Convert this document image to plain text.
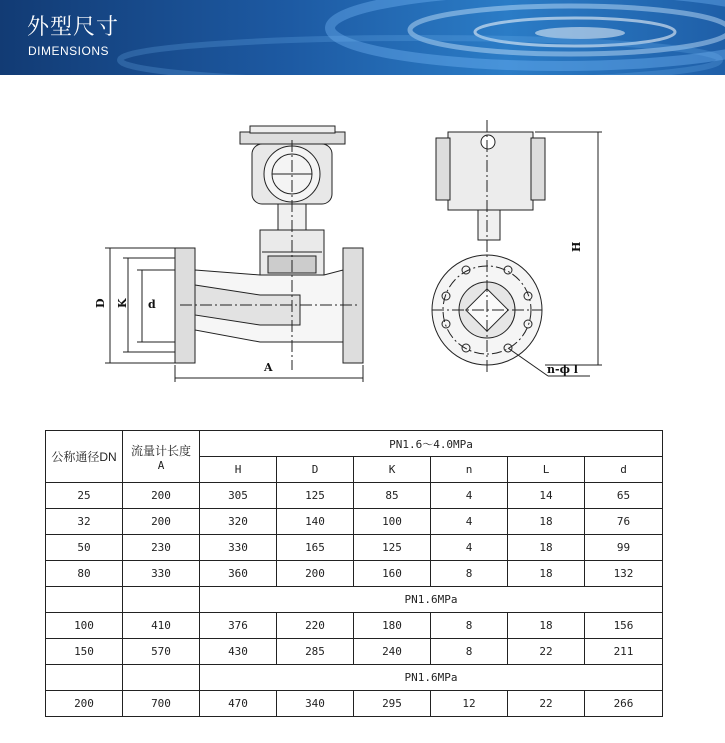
外型尺寸
DIMENSIONS
D K d
A
H
n-ϕ l
公称通径DN	流量计长度
A	PN1.6～4.0MPa					
		H	D	K	n	L	d
25	200	305	125	85	4	14	65
32	200	320	140	100	4	18	76
50	230	330	165	125	4	18	99
80	330	360	200	160	8	18	132
		PN1.6MPa					
100	410	376	220	180	8	18	156
150	570	430	285	240	8	22	211
		PN1.6MPa					
200	700	470	340	295	12	22	266
